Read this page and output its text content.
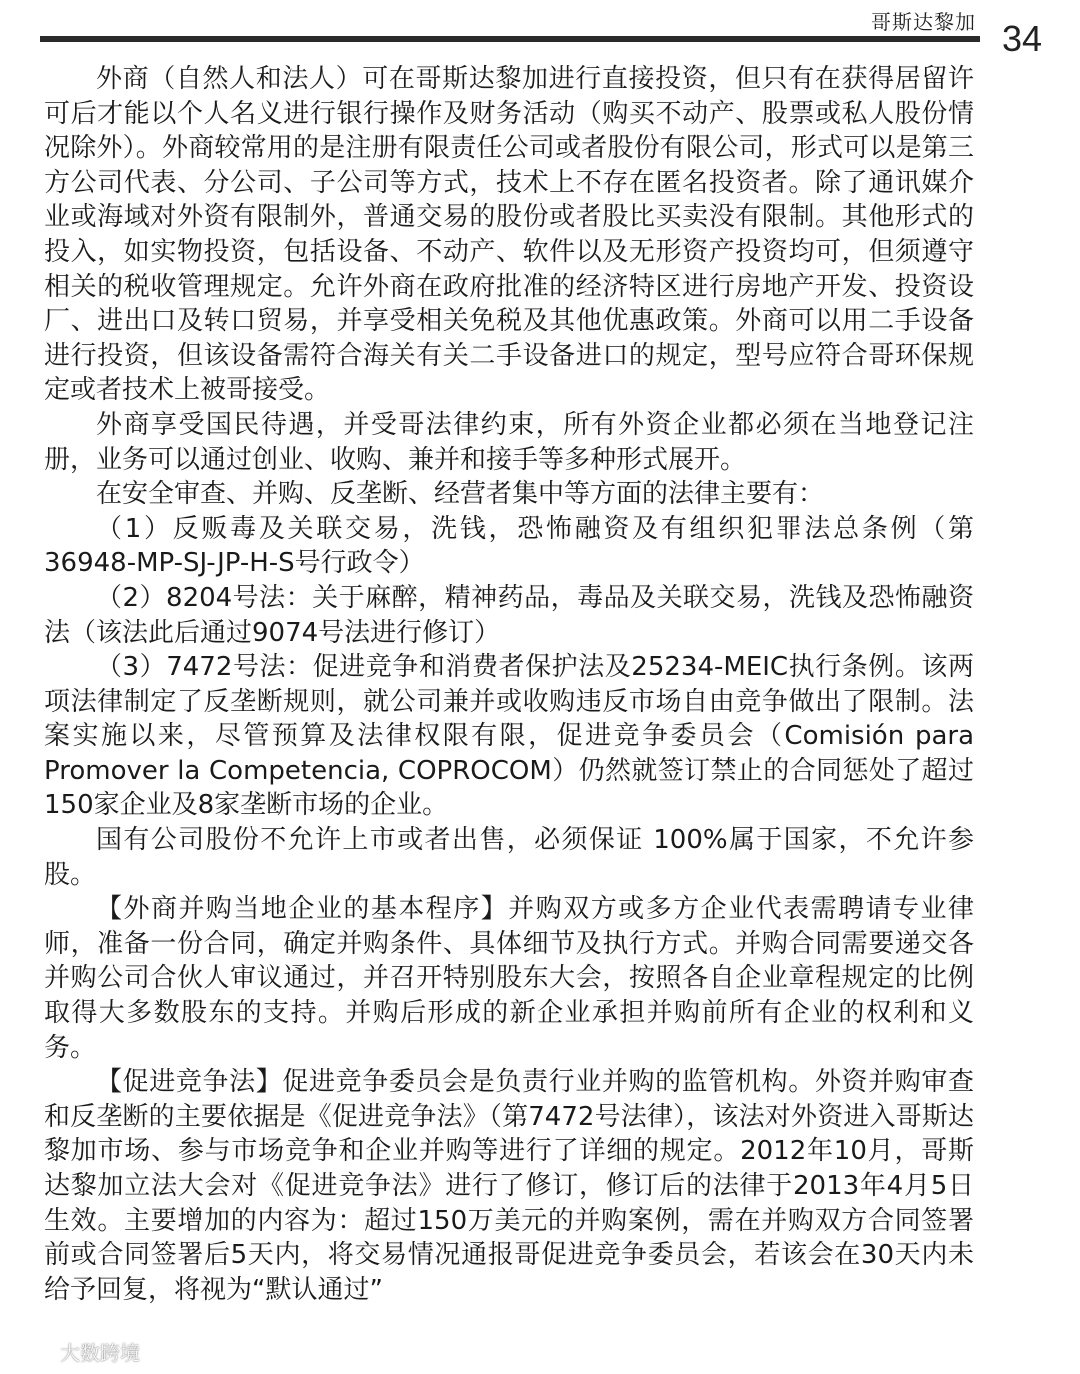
哥斯达黎加 34

外商（自然人和法人）可在哥斯达黎加进行直接投资，但只有在获得居留许可后才能以个人名义进行银行操作及财务活动（购买不动产、股票或私人股份情况除外）。外商较常用的是注册有限责任公司或者股份有限公司，形式可以是第三方公司代表、分公司、子公司等方式，技术上不存在匿名投资者。除了通讯媒介业或海域对外资有限制外，普通交易的股份或者股比买卖没有限制。其他形式的投入，如实物投资，包括设备、不动产、软件以及无形资产投资均可，但须遵守相关的税收管理规定。允许外商在政府批准的经济特区进行房地产开发、投资设厂、进出口及转口贸易，并享受相关免税及其他优惠政策。外商可以用二手设备进行投资，但该设备需符合海关有关二手设备进口的规定，型号应符合哥环保规定或者技术上被哥接受。

外商享受国民待遇，并受哥法律约束，所有外资企业都必须在当地登记注册，业务可以通过创业、收购、兼并和接手等多种形式展开。

在安全审查、并购、反垄断、经营者集中等方面的法律主要有：

（1）反贩毒及关联交易，洗钱，恐怖融资及有组织犯罪法总条例（第36948-MP-SJ-JP-H-S号行政令）

（2）8204号法：关于麻醉，精神药品，毒品及关联交易，洗钱及恐怖融资法（该法此后通过9074号法进行修订）

（3）7472号法：促进竞争和消费者保护法及25234-MEIC执行条例。该两项法律制定了反垄断规则，就公司兼并或收购违反市场自由竞争做出了限制。法案实施以来，尽管预算及法律权限有限，促进竞争委员会（Comisión para Promover la Competencia, COPROCOM）仍然就签订禁止的合同惩处了超过150家企业及8家垄断市场的企业。

国有公司股份不允许上市或者出售，必须保证 100%属于国家，不允许参股。

【外商并购当地企业的基本程序】并购双方或多方企业代表需聘请专业律师，准备一份合同，确定并购条件、具体细节及执行方式。并购合同需要递交各并购公司合伙人审议通过，并召开特别股东大会，按照各自企业章程规定的比例取得大多数股东的支持。并购后形成的新企业承担并购前所有企业的权利和义务。

【促进竞争法】促进竞争委员会是负责行业并购的监管机构。外资并购审查和反垄断的主要依据是《促进竞争法》（第7472号法律），该法对外资进入哥斯达黎加市场、参与市场竞争和企业并购等进行了详细的规定。2012年10月，哥斯达黎加立法大会对《促进竞争法》进行了修订，修订后的法律于2013年4月5日生效。主要增加的内容为：超过150万美元的并购案例，需在并购双方合同签署前或合同签署后5天内，将交易情况通报哥促进竞争委员会，若该会在30天内未给予回复，将视为“默认通过”

大数跨境
